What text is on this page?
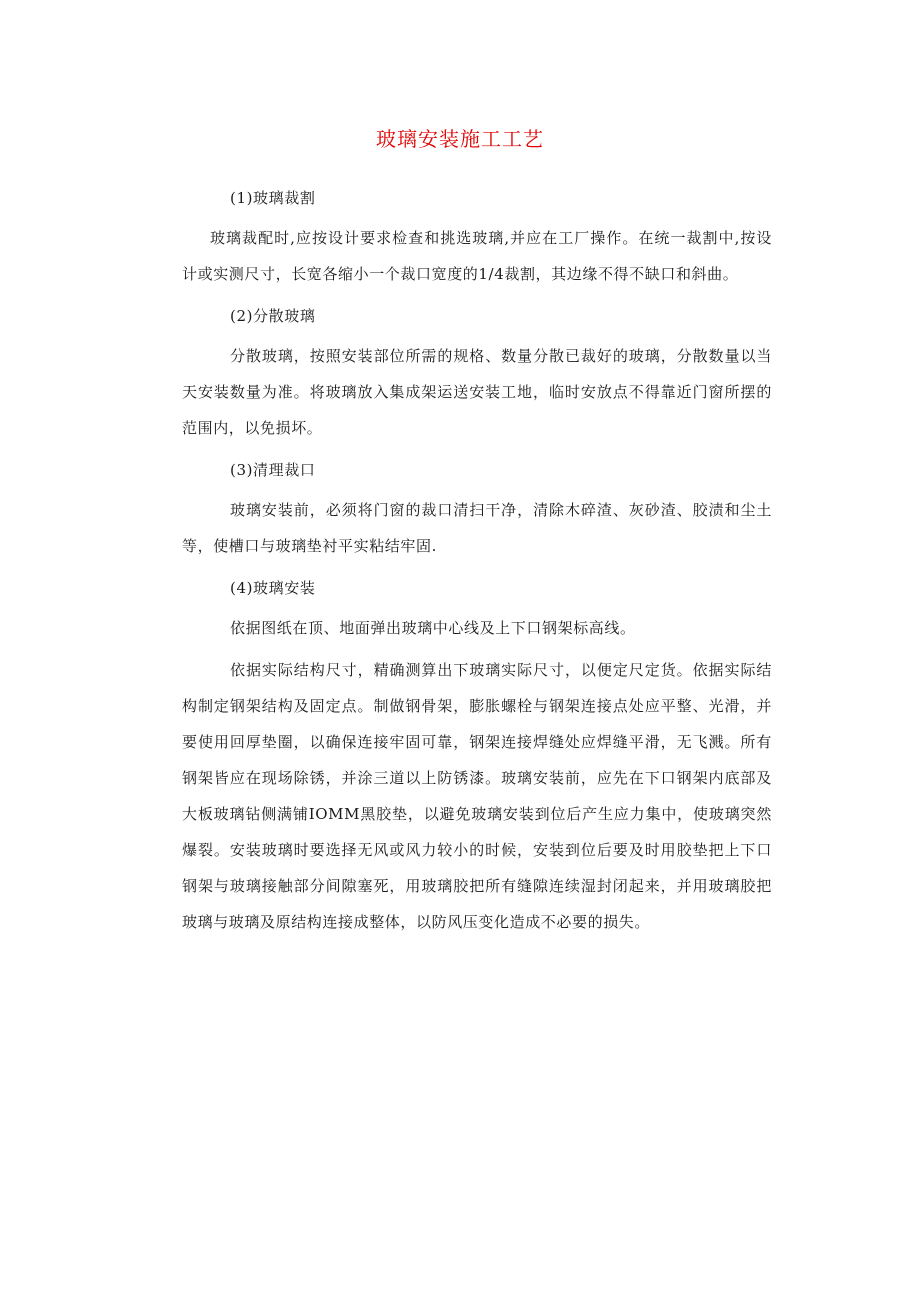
玻璃安装施工工艺
(1)玻璃裁割

玻璃裁配时,应按设计要求检查和挑选玻璃,并应在工厂操作。在统一裁割中,按设计或实测尺寸，长宽各缩小一个裁口宽度的1/4裁割，其边缘不得不缺口和斜曲。

(2)分散玻璃

分散玻璃，按照安装部位所需的规格、数量分散已裁好的玻璃，分散数量以当天安装数量为准。将玻璃放入集成架运送安装工地，临时安放点不得靠近门窗所摆的范围内，以免损坏。

(3)清理裁口

玻璃安装前，必须将门窗的裁口清扫干净，清除木碎渣、灰砂渣、胶渍和尘土等，使槽口与玻璃垫衬平实粘结牢固.

(4)玻璃安装

依据图纸在顶、地面弹出玻璃中心线及上下口钢架标高线。

依据实际结构尺寸，精确测算出下玻璃实际尺寸，以便定尺定货。依据实际结构制定钢架结构及固定点。制做钢骨架，膨胀螺栓与钢架连接点处应平整、光滑，并要使用回厚垫圈，以确保连接牢固可靠，钢架连接焊缝处应焊缝平滑，无飞溅。所有钢架皆应在现场除锈，并涂三道以上防锈漆。玻璃安装前，应先在下口钢架内底部及大板玻璃钻侧满铺IOMM黑胶垫，以避免玻璃安装到位后产生应力集中，使玻璃突然爆裂。安装玻璃时要选择无风或风力较小的时候，安装到位后要及时用胶垫把上下口钢架与玻璃接触部分间隙塞死，用玻璃胶把所有缝隙连续湿封闭起来，并用玻璃胶把玻璃与玻璃及原结构连接成整体，以防风压变化造成不必要的损失。
